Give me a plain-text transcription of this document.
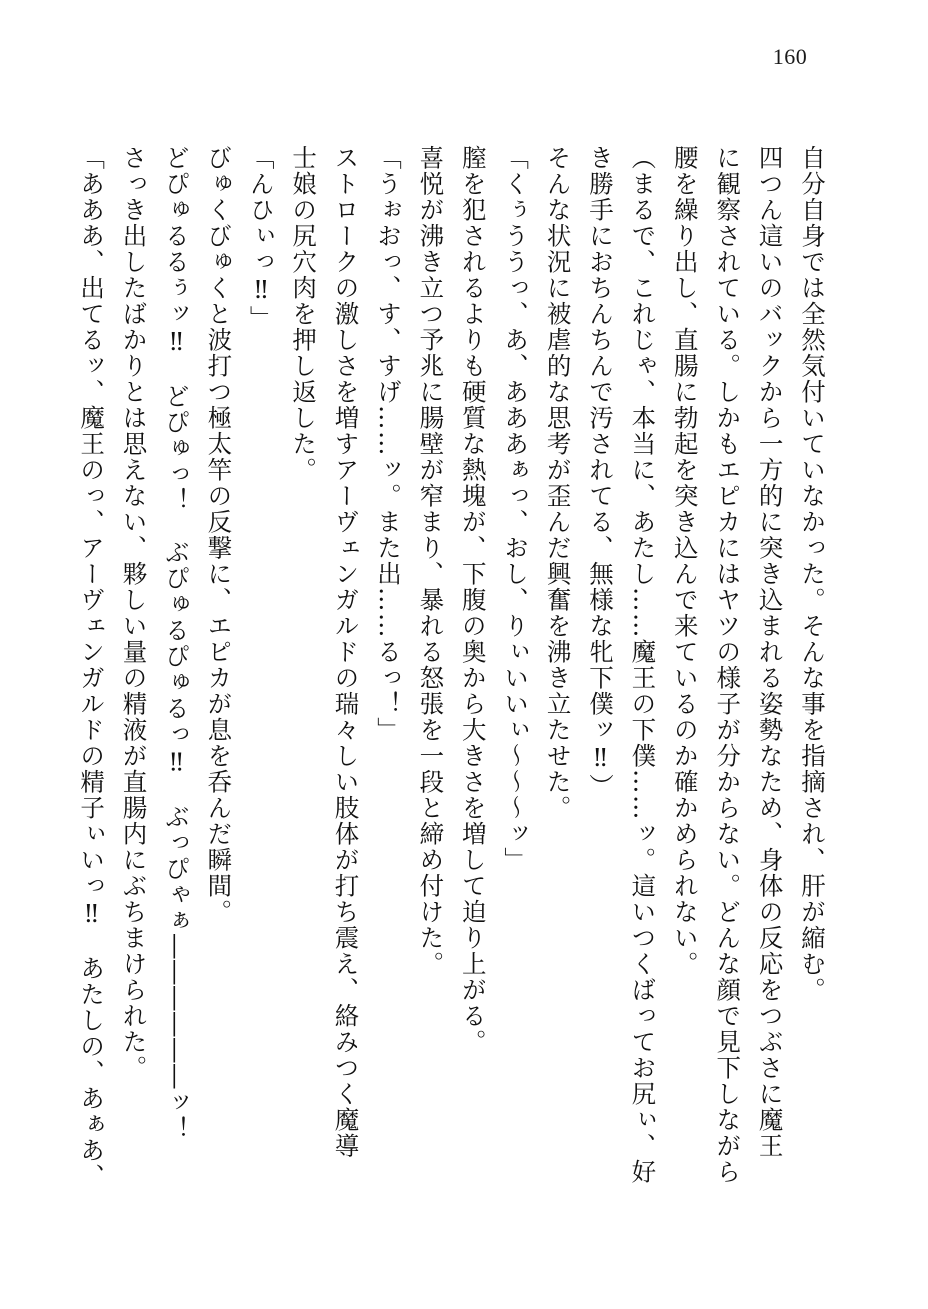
160
自分自身では全然気付いていなかった。そんな事を指摘され、肝が縮む。
四つん這いのバックから一方的に突き込まれる姿勢なため、身体の反応をつぶさに魔王
に観察されている。しかもエピカにはヤツの様子が分からない。どんな顔で見下しながら
腰を繰り出し、直腸に勃起を突き込んで来ているのか確かめられない。
（まるで、これじゃ、本当に、あたし……魔王の下僕……ッ。這いつくばってお尻ぃ、好
き勝手におちんちんで汚されてる、無様な牝下僕ッ‼）
そんな状況に被虐的な思考が歪んだ興奮を沸き立たせた。
「くぅううっ、あ、あああぁっ、おし、りぃいいぃ〜〜〜ッ」
膣を犯されるよりも硬質な熱塊が、下腹の奥から大きさを増して迫り上がる。
喜悦が沸き立つ予兆に腸壁が窄まり、暴れる怒張を一段と締め付けた。
「うぉおっ、す、すげ……ッ。また出……るっ！」
ストロークの激しさを増すアーヴェンガルドの瑞々しい肢体が打ち震え、絡みつく魔導
士娘の尻穴肉を押し返した。
「んひぃっ‼」
びゅくびゅくと波打つ極太竿の反撃に、エピカが息を呑んだ瞬間。
どぴゅるるぅッ‼　どぴゅっ！　ぶぴゅるぴゅるっ‼　ぶっぴゃぁ――――――ッ！
さっき出したばかりとは思えない、夥しい量の精液が直腸内にぶちまけられた。
「あああ、出てるッ、魔王のっ、アーヴェンガルドの精子ぃいっ‼　あたしの、あぁあ、
